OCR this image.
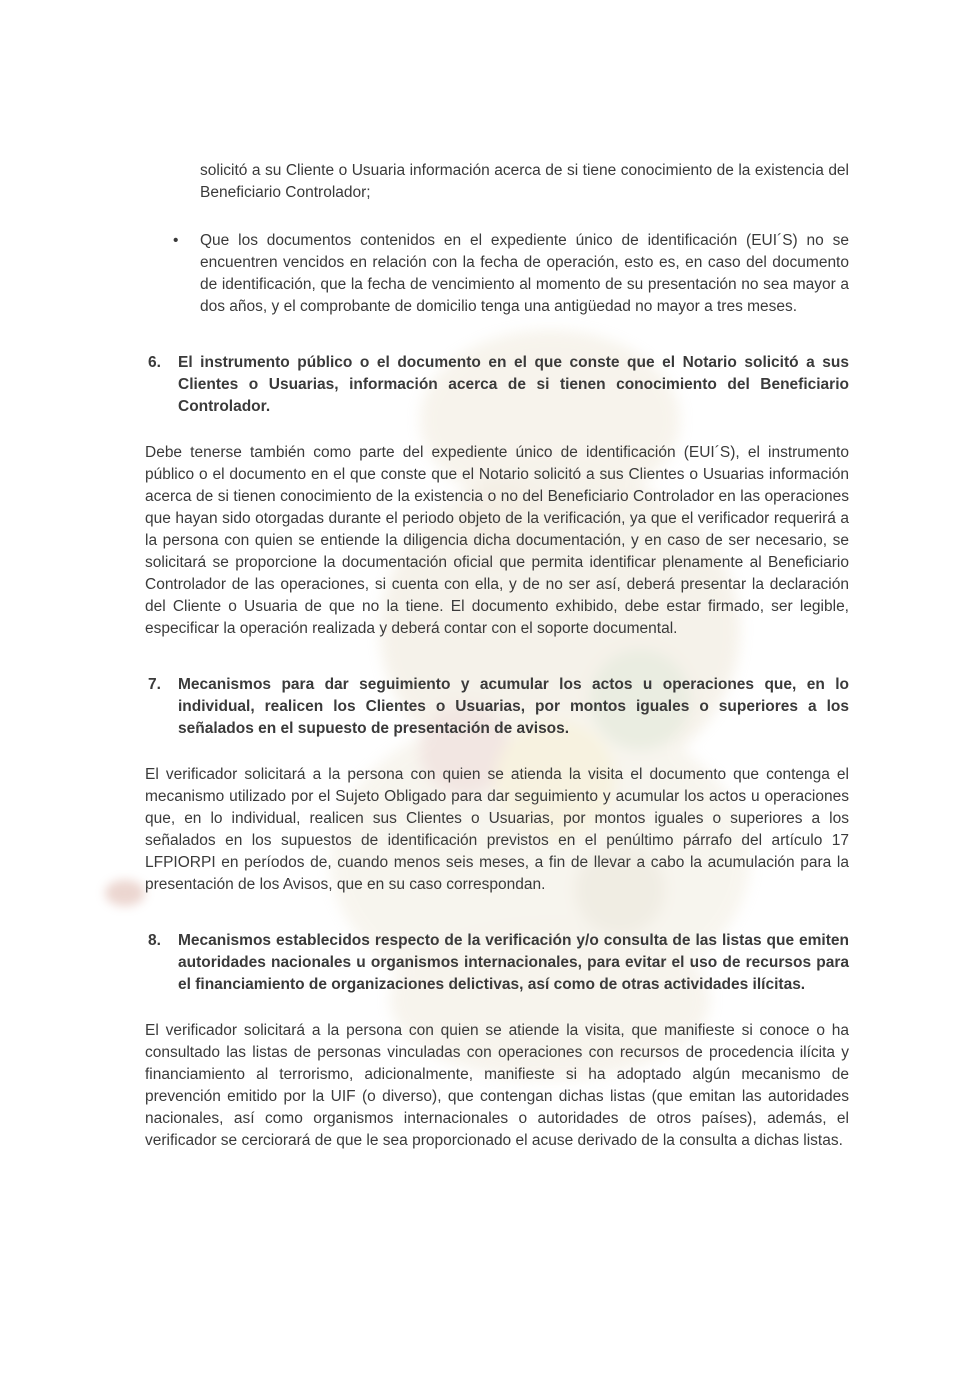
solicitó a su Cliente o Usuaria información acerca de si tiene conocimiento de la existencia del Beneficiario Controlador;

•	Que los documentos contenidos en el expediente único de identificación (EUI´S) no se encuentren vencidos en relación con la fecha de operación, esto es, en caso del documento de identificación, que la fecha de vencimiento al momento de su presentación no sea mayor a dos años, y el comprobante de domicilio tenga una antigüedad no mayor a tres meses.

6.	El instrumento público o el documento en el que conste que el Notario solicitó a sus Clientes o Usuarias, información acerca de si tienen conocimiento del Beneficiario Controlador.

Debe tenerse también como parte del expediente único de identificación (EUI´S), el instrumento público o el documento en el que conste que el Notario solicitó a sus Clientes o Usuarias información acerca de si tienen conocimiento de la existencia o no del Beneficiario Controlador en las operaciones que hayan sido otorgadas durante el periodo objeto de la verificación, ya que el verificador requerirá a la persona con quien se entiende la diligencia dicha documentación, y en caso de ser necesario, se solicitará se proporcione la documentación oficial que permita identificar plenamente al Beneficiario Controlador de las operaciones, si cuenta con ella, y de no ser así, deberá presentar la declaración del Cliente o Usuaria de que no la tiene. El documento exhibido, debe estar firmado, ser legible, especificar la operación realizada y deberá contar con el soporte documental.

7.	Mecanismos para dar seguimiento y acumular los actos u operaciones que, en lo individual, realicen los Clientes o Usuarias, por montos iguales o superiores a los señalados en el supuesto de presentación de avisos.

El verificador solicitará a la persona con quien se atienda la visita el documento que contenga el mecanismo utilizado por el Sujeto Obligado para dar seguimiento y acumular los actos u operaciones que, en lo individual, realicen sus Clientes o Usuarias, por montos iguales o superiores a los señalados en los supuestos de identificación previstos en el penúltimo párrafo del artículo 17 LFPIORPI en períodos de, cuando menos seis meses, a fin de llevar a cabo la acumulación para la presentación de los Avisos, que en su caso correspondan.

8.	Mecanismos establecidos respecto de la verificación y/o consulta de las listas que emiten autoridades nacionales u organismos internacionales, para evitar el uso de recursos para el financiamiento de organizaciones delictivas, así como de otras actividades ilícitas.

El verificador solicitará a la persona con quien se atiende la visita, que manifieste si conoce o ha consultado las listas de personas vinculadas con operaciones con recursos de procedencia ilícita y financiamiento al terrorismo, adicionalmente, manifieste si ha adoptado algún mecanismo de prevención emitido por la UIF (o diverso), que contengan dichas listas (que emitan las autoridades nacionales, así como organismos internacionales o autoridades de otros países), además, el verificador se cerciorará de que le sea proporcionado el acuse derivado de la consulta a dichas listas.
